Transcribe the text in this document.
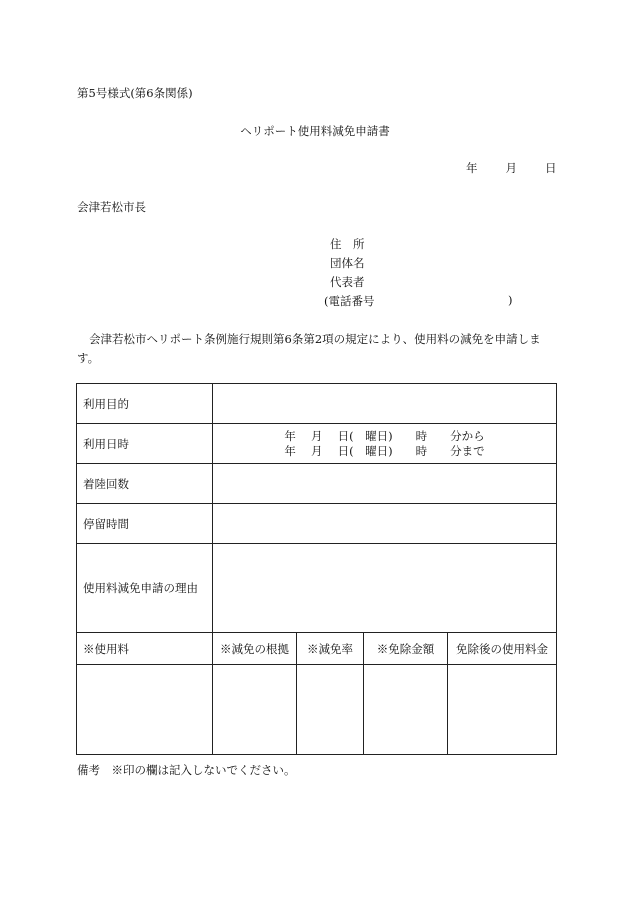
第5号様式(第6条関係)
ヘリポート使用料減免申請書
年 月 日
会津若松市長
住　所
団体名
代表者
(電話番号	)
会津若松市ヘリポート条例施行規則第6条第2項の規定により、使用料の減免を申請します。
利用目的				
利用日時	年　 月　 日(　曜日)　　時　　分から
年　 月　 日(　曜日)　　時　　分まで			

着陸回数				
停留時間				
使用料減免申請の理由				
※使用料	※減免の根拠	※減免率	※免除金額	免除後の使用料金

備考　※印の欄は記入しないでください。
